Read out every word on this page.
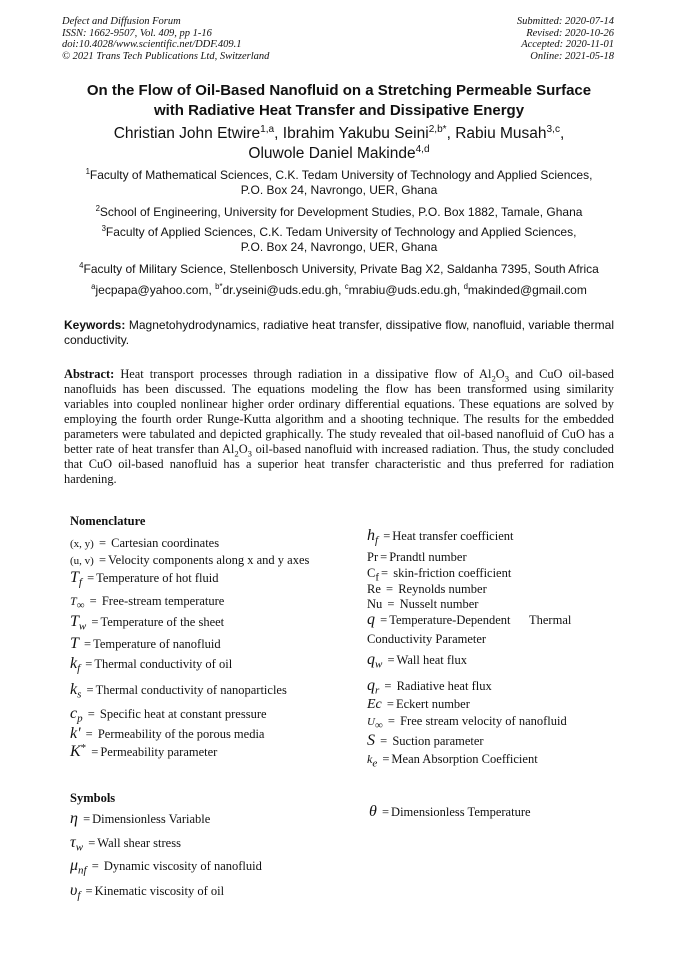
Defect and Diffusion Forum
ISSN: 1662-9507, Vol. 409, pp 1-16
doi:10.4028/www.scientific.net/DDF.409.1
© 2021 Trans Tech Publications Ltd, Switzerland
Submitted: 2020-07-14
Revised: 2020-10-26
Accepted: 2020-11-01
Online: 2021-05-18
On the Flow of Oil-Based Nanofluid on a Stretching Permeable Surface
with Radiative Heat Transfer and Dissipative Energy
Christian John Etwire$^{1,a}$, Ibrahim Yakubu Seini$^{2,b*}$, Rabiu Musah$^{3,c}$,
Oluwole Daniel Makinde$^{4,d}$
$^1$Faculty of Mathematical Sciences, C.K. Tedam University of Technology and Applied Sciences,
P.O. Box 24, Navrongo, UER, Ghana
$^2$School of Engineering, University for Development Studies, P.O. Box 1882, Tamale, Ghana
$^3$Faculty of Applied Sciences, C.K. Tedam University of Technology and Applied Sciences,
P.O. Box 24, Navrongo, UER, Ghana
$^4$Faculty of Military Science, Stellenbosch University, Private Bag X2, Saldanha 7395, South Africa
$^a$jecpapa@yahoo.com, $^{b*}$dr.yseini@uds.edu.gh, $^c$mrabiu@uds.edu.gh, $^d$makinded@gmail.com
Keywords: Magnetohydrodynamics, radiative heat transfer, dissipative flow, nanofluid, variable thermal conductivity.
Abstract: Heat transport processes through radiation in a dissipative flow of $Al_2O_3$ and CuO oil-based nanofluids has been discussed. The equations modeling the flow has been transformed using similarity variables into coupled nonlinear higher order ordinary differential equations. These equations are solved by employing the fourth order Runge-Kutta algorithm and a shooting technique. The results for the embedded parameters were tabulated and depicted graphically. The study revealed that oil-based nanofluid of CuO has a better rate of heat transfer than $Al_2O_3$ oil-based nanofluid with increased radiation. Thus, the study concluded that CuO oil-based nanofluid has a superior heat transfer characteristic and thus preferred for radiation hardening.
Nomenclature
(x, y) = Cartesian coordinates
(u, v) = Velocity components along x and y axes
$T_f$ = Temperature of hot fluid
$T_\infty$ = Free-stream temperature
$T_w$ = Temperature of the sheet
T = Temperature of nanofluid
$k_f$ = Thermal conductivity of oil
$k_s$ = Thermal conductivity of nanoparticles
$c_p$ = Specific heat at constant pressure
k' = Permeability of the porous media
K* = Permeability parameter
$h_f$ = Heat transfer coefficient
Pr = Prandtl number
$C_f$ = skin-friction coefficient
Re = Reynolds number
Nu = Nusselt number
q = Temperature-Dependent      Thermal
Conductivity Parameter
$q_w$ = Wall heat flux
$q_r$ = Radiative heat flux
Ec = Eckert number
$U_\infty$ = Free stream velocity of nanofluid
S = Suction parameter
$k_e$ = Mean Absorption Coefficient
Symbols
η = Dimensionless Variable
$\tau_w$ = Wall shear stress
$\mu_{nf}$ = Dynamic viscosity of nanofluid
$\upsilon_f$ = Kinematic viscosity of oil
θ = Dimensionless Temperature
